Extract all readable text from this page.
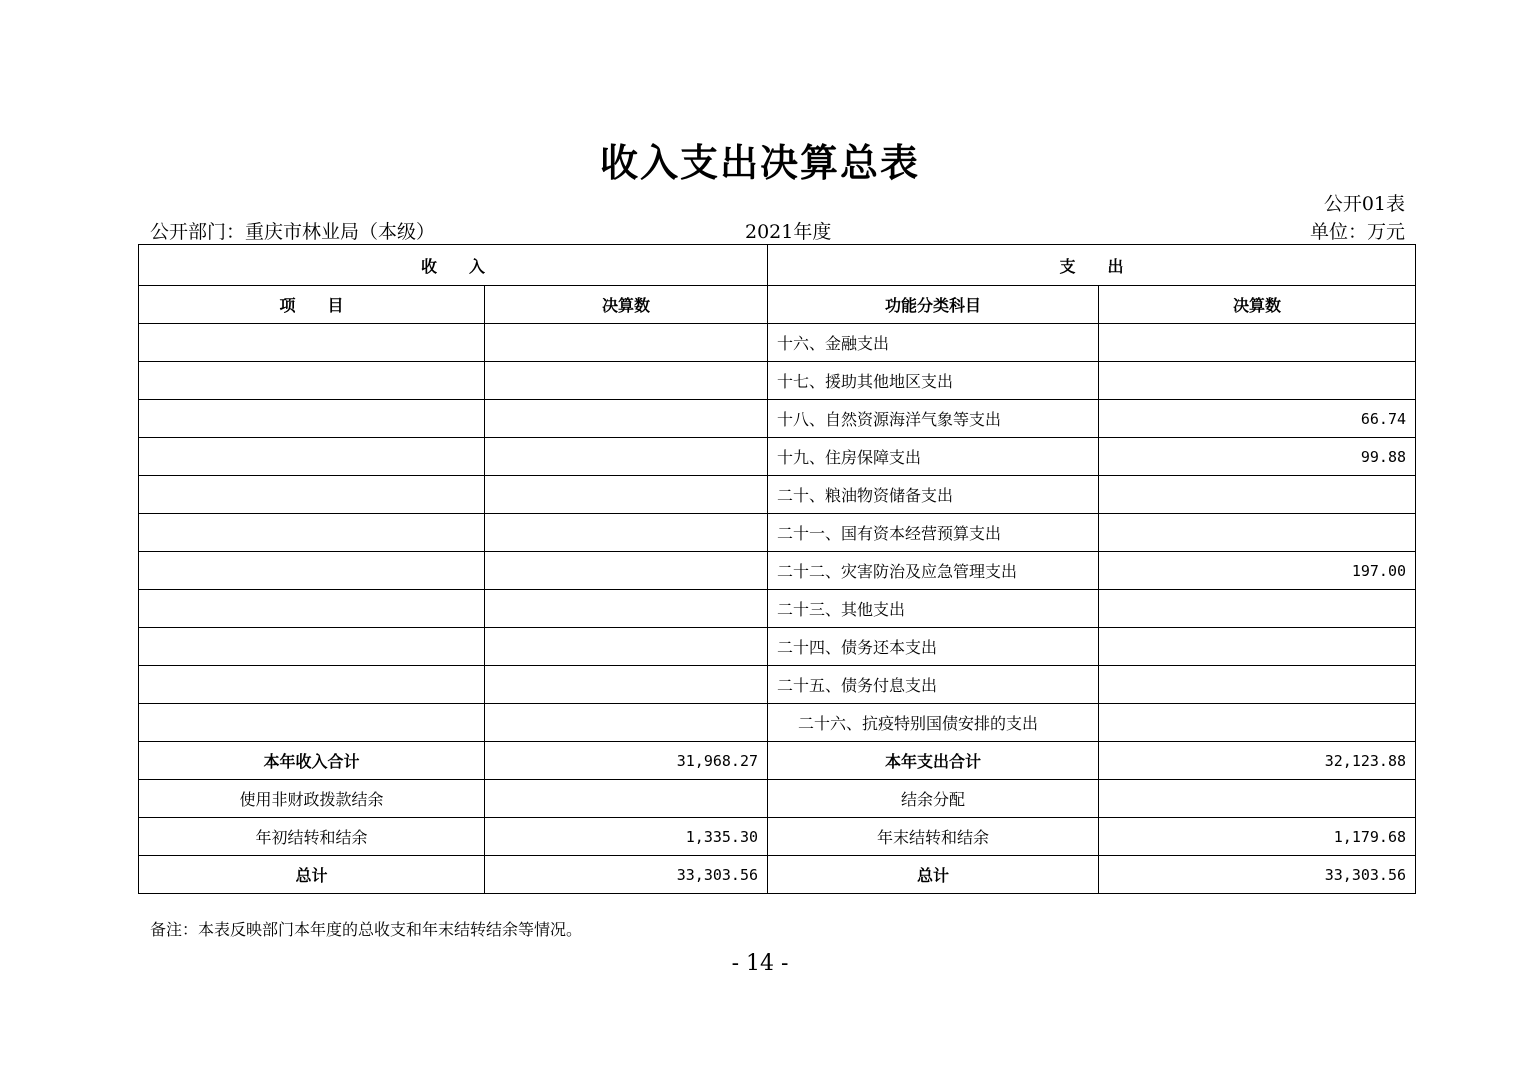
收入支出决算总表
公开01表
公开部门：重庆市林业局（本级）	2021年度	单位：万元
收　　入		支　　出	
项　　目	决算数	功能分类科目	决算数
		十六、金融支出	
		十七、援助其他地区支出	
		十八、自然资源海洋气象等支出	66.74
		十九、住房保障支出	99.88
		二十、粮油物资储备支出	
		二十一、国有资本经营预算支出	
		二十二、灾害防治及应急管理支出	197.00
		二十三、其他支出	
		二十四、债务还本支出	
		二十五、债务付息支出	
		二十六、抗疫特别国债安排的支出	
本年收入合计	31,968.27	本年支出合计	32,123.88
使用非财政拨款结余		结余分配	
年初结转和结余	1,335.30	年末结转和结余	1,179.68
总计	33,303.56	总计	33,303.56
备注：本表反映部门本年度的总收支和年末结转结余等情况。
- 14 -
